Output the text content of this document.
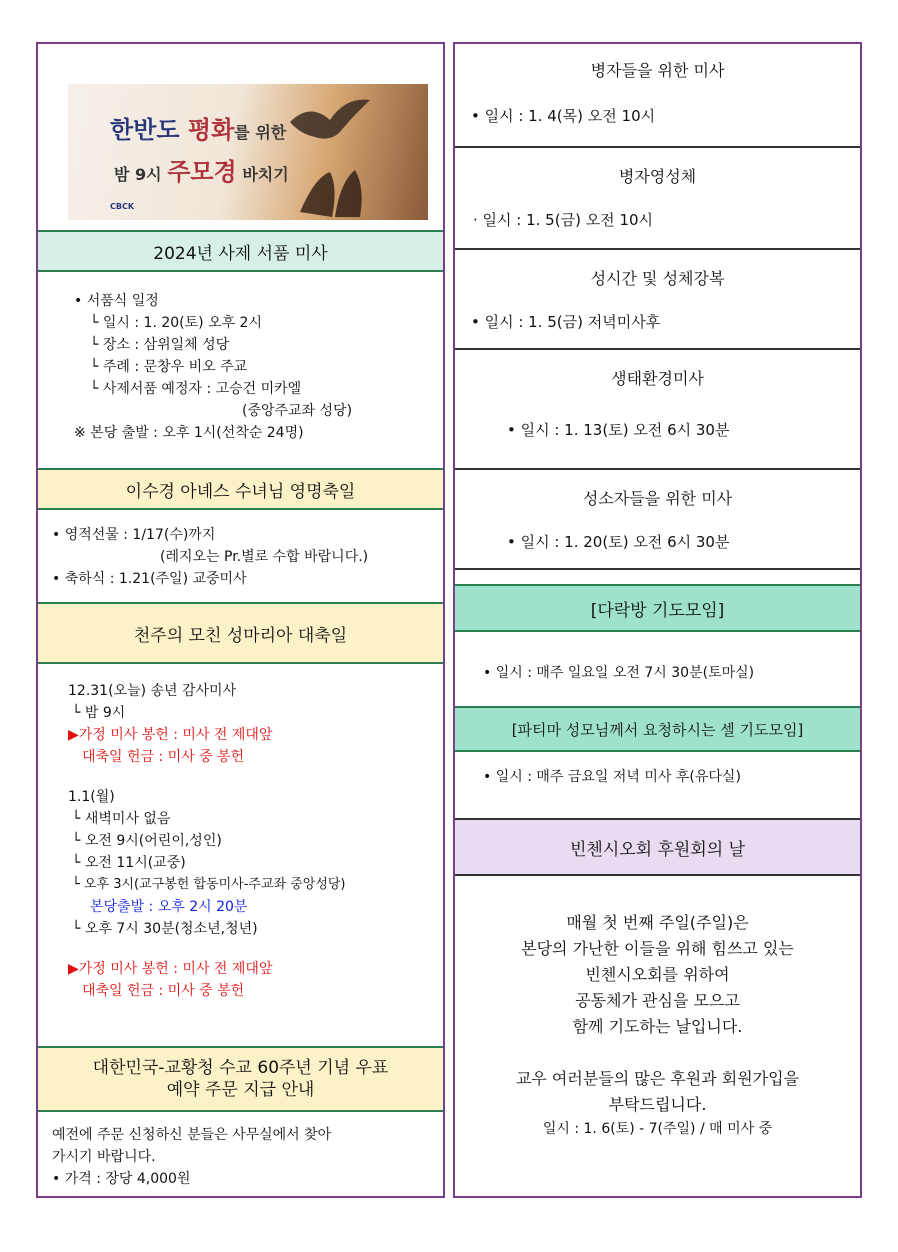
한반도 평화를 위한
밤 9시 주모경 바치기
CBCK
2024년 사제 서품 미사
• 서품식 일정
└ 일시 : 1. 20(토) 오후 2시
└ 장소 : 삼위일체 성당
└ 주례 : 문창우 비오 주교
└ 사제서품 예정자 : 고승건 미카엘
(중앙주교좌 성당)
※ 본당 출발 : 오후 1시(선착순 24명)
이수경 아녜스 수녀님 영명축일
• 영적선물 : 1/17(수)까지
(레지오는 Pr.별로 수합 바랍니다.)
• 축하식 : 1.21(주일) 교중미사
천주의 모친 성마리아 대축일
12.31(오늘) 송년 감사미사
└ 밤 9시
▶가정 미사 봉헌 : 미사 전 제대앞
대축일 헌금 : 미사 중 봉헌
1.1(월)
└ 새벽미사 없음
└ 오전 9시(어린이,성인)
└ 오전 11시(교중)
└ 오후 3시(교구봉헌 합동미사-주교좌 중앙성당)
본당출발 : 오후 2시 20분
└ 오후 7시 30분(청소년,청년)
▶가정 미사 봉헌 : 미사 전 제대앞
대축일 헌금 : 미사 중 봉헌
대한민국-교황청 수교 60주년 기념 우표
예약 주문 지급 안내
예전에 주문 신청하신 분들은 사무실에서 찾아
가시기 바랍니다.
• 가격 : 장당 4,000원
병자들을 위한 미사
• 일시 : 1. 4(목) 오전 10시
병자영성체
· 일시 : 1. 5(금) 오전 10시
성시간 및 성체강복
• 일시 : 1. 5(금) 저녁미사후
생태환경미사
• 일시 : 1. 13(토) 오전 6시 30분
성소자들을 위한 미사
• 일시 : 1. 20(토) 오전 6시 30분
[다락방 기도모임]
• 일시 : 매주 일요일 오전 7시 30분(토마실)
[파티마 성모님께서 요청하시는 셀 기도모임]
• 일시 : 매주 금요일 저녁 미사 후(유다실)
빈첸시오회 후원회의 날
매월 첫 번째 주일(주일)은
본당의 가난한 이들을 위해 힘쓰고 있는
빈첸시오회를 위하여
공동체가 관심을 모으고
함께 기도하는 날입니다.
교우 여러분들의 많은 후원과 회원가입을
부탁드립니다.
일시 : 1. 6(토) - 7(주일) / 매 미사 중
